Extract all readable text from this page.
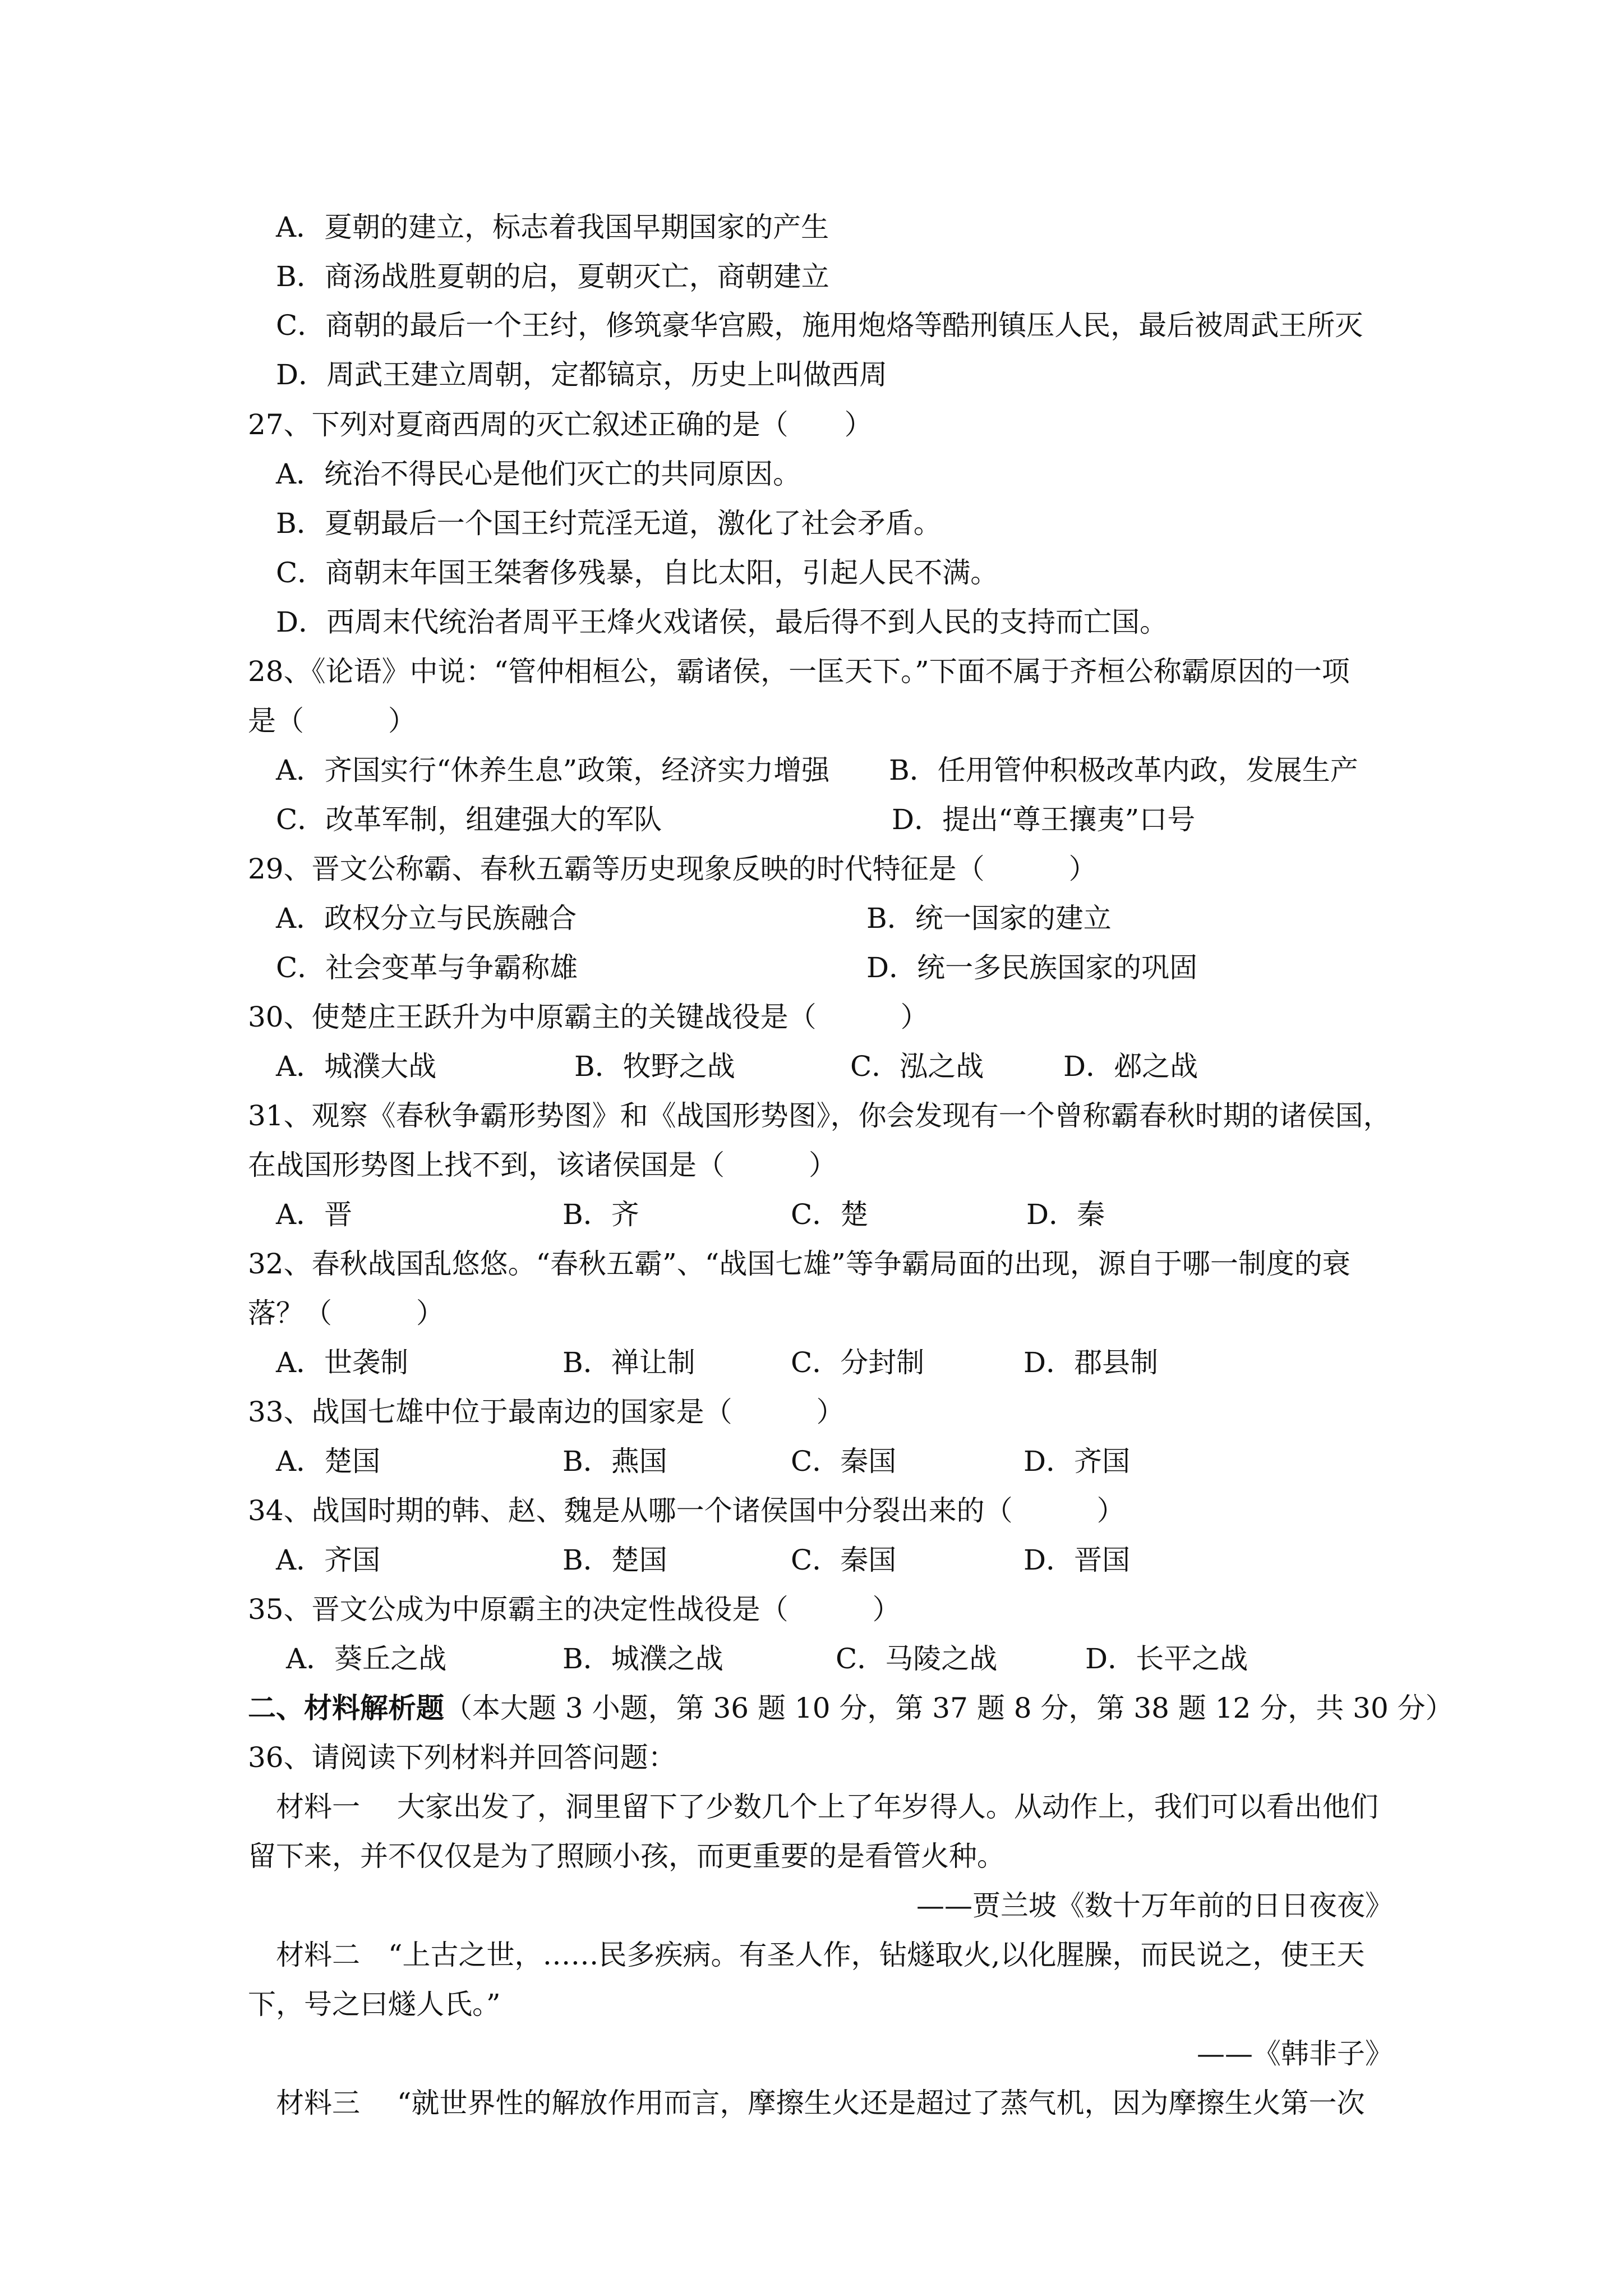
A．夏朝的建立，标志着我国早期国家的产生
B．商汤战胜夏朝的启，夏朝灭亡，商朝建立
C．商朝的最后一个王纣，修筑豪华宫殿，施用炮烙等酷刑镇压人民，最后被周武王所灭
D．周武王建立周朝，定都镐京，历史上叫做西周
27、下列对夏商西周的灭亡叙述正确的是（　　）
A．统治不得民心是他们灭亡的共同原因。
B．夏朝最后一个国王纣荒淫无道，激化了社会矛盾。
C．商朝末年国王桀奢侈残暴，自比太阳，引起人民不满。
D．西周末代统治者周平王烽火戏诸侯，最后得不到人民的支持而亡国。
28、《论语》中说：“管仲相桓公，霸诸侯，一匡天下。”下面不属于齐桓公称霸原因的一项
是（　　　）
A．齐国实行“休养生息”政策，经济实力增强 B．任用管仲积极改革内政，发展生产
C．改革军制，组建强大的军队	D．提出“尊王攘夷”口号
29、晋文公称霸、春秋五霸等历史现象反映的时代特征是（　　　）
A．政权分立与民族融合	B．统一国家的建立
C．社会变革与争霸称雄	D．统一多民族国家的巩固
30、使楚庄王跃升为中原霸主的关键战役是（　　　）
A．城濮大战	B．牧野之战	C．泓之战	D．邲之战
31、观察《春秋争霸形势图》和《战国形势图》，你会发现有一个曾称霸春秋时期的诸侯国，
在战国形势图上找不到，该诸侯国是（　　　）
A．晋	B．齐	C．楚	D．秦
32、春秋战国乱悠悠。“春秋五霸”、“战国七雄”等争霸局面的出现，源自于哪一制度的衰
落？（　　　）
A．世袭制	B．禅让制	C．分封制	D．郡县制
33、战国七雄中位于最南边的国家是（　　　）
A．楚国	B．燕国	C．秦国	D．齐国
34、战国时期的韩、赵、魏是从哪一个诸侯国中分裂出来的（　　　）
A．齐国	B．楚国	C．秦国	D．晋国
35、晋文公成为中原霸主的决定性战役是（　　　）
A．葵丘之战	B．城濮之战	C．马陵之战	D．长平之战
二、材料解析题（本大题 3 小题，第 36 题 10 分，第 37 题 8 分，第 38 题 12 分，共 30 分）
36、请阅读下列材料并回答问题：
材料一　 大家出发了，洞里留下了少数几个上了年岁得人。从动作上，我们可以看出他们
留下来，并不仅仅是为了照顾小孩，而更重要的是看管火种。
——贾兰坡《数十万年前的日日夜夜》
材料二　“上古之世，……民多疾病。有圣人作，钻燧取火,以化腥臊，而民说之，使王天
下，号之曰燧人氏。”
——《韩非子》
材料三　 “就世界性的解放作用而言，摩擦生火还是超过了蒸气机，因为摩擦生火第一次
